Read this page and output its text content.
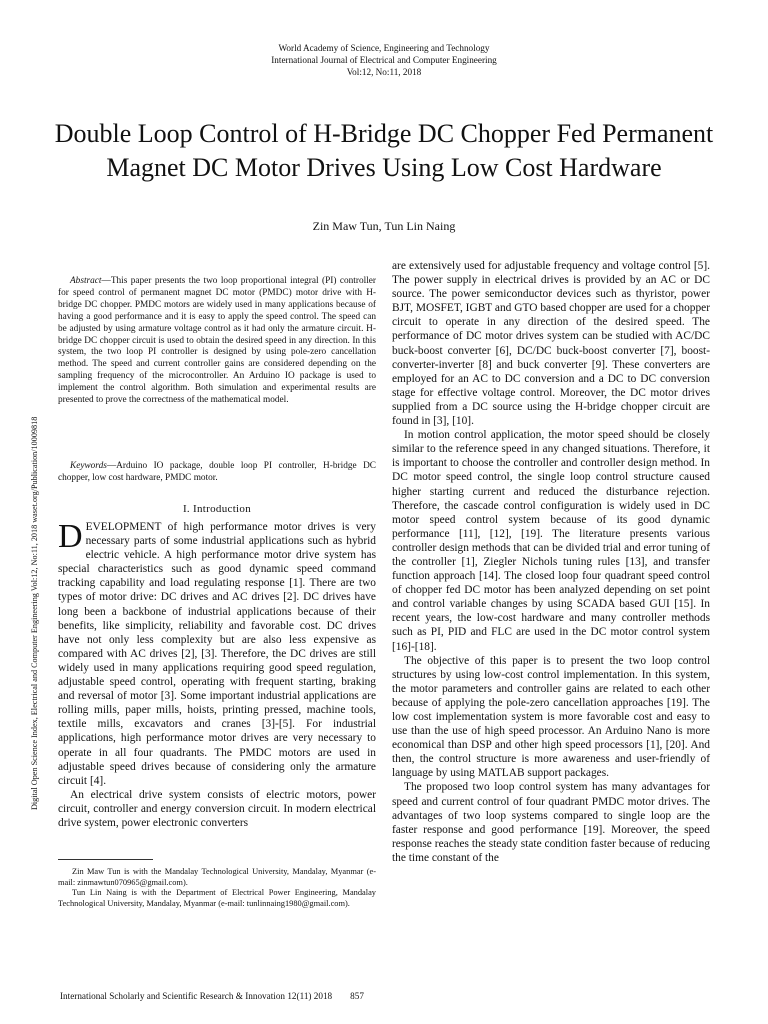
World Academy of Science, Engineering and Technology
International Journal of Electrical and Computer Engineering
Vol:12, No:11, 2018
Double Loop Control of H-Bridge DC Chopper Fed Permanent Magnet DC Motor Drives Using Low Cost Hardware
Zin Maw Tun, Tun Lin Naing
Digital Open Science Index, Electrical and Computer Engineering Vol:12, No:11, 2018 waset.org/Publication/10009818

Abstract—This paper presents the two loop proportional integral (PI) controller for speed control of permanent magnet DC motor (PMDC) motor drive with H-bridge DC chopper. PMDC motors are widely used in many applications because of having a good performance and it is easy to apply the speed control. The speed can be adjusted by using armature voltage control as it had only the armature circuit. H-bridge DC chopper circuit is used to obtain the desired speed in any direction. In this system, the two loop PI controller is designed by using pole-zero cancellation method. The speed and current controller gains are considered depending on the sampling frequency of the microcontroller. An Arduino IO package is used to implement the control algorithm. Both simulation and experimental results are presented to prove the correctness of the mathematical model.

Keywords—Arduino IO package, double loop PI controller, H-bridge DC chopper, low cost hardware, PMDC motor.

I. Introduction

DEVELOPMENT of high performance motor drives is very necessary parts of some industrial applications such as hybrid electric vehicle. A high performance motor drive system has special characteristics such as good dynamic speed command tracking capability and load regulating response [1]. There are two types of motor drive: DC drives and AC drives [2]. DC drives have long been a backbone of industrial applications because of their benefits, like simplicity, reliability and favorable cost. DC drives have not only less complexity but are also less expensive as compared with AC drives [2], [3]. Therefore, the DC drives are still widely used in many applications requiring good speed regulation, adjustable speed control, operating with frequent starting, braking and reversal of motor [3]. Some important industrial applications are rolling mills, paper mills, hoists, printing pressed, machine tools, textile mills, excavators and cranes [3]-[5]. For industrial applications, high performance motor drives are very necessary to operate in all four quadrants. The PMDC motors are used in adjustable speed drives because of considering only the armature circuit [4].

An electrical drive system consists of electric motors, power circuit, controller and energy conversion circuit. In modern electrical drive system, power electronic converters

Zin Maw Tun is with the Mandalay Technological University, Mandalay, Myanmar (e-mail: zinmawtun070965@gmail.com).

Tun Lin Naing is with the Department of Electrical Power Engineering, Mandalay Technological University, Mandalay, Myanmar (e-mail: tunlinnaing1980@gmail.com).

are extensively used for adjustable frequency and voltage control [5]. The power supply in electrical drives is provided by an AC or DC source. The power semiconductor devices such as thyristor, power BJT, MOSFET, IGBT and GTO based chopper are used for a chopper circuit to operate in any direction of the desired speed. The performance of DC motor drives system can be studied with AC/DC buck-boost converter [6], DC/DC buck-boost converter [7], boost-converter-inverter [8] and buck converter [9]. These converters are employed for an AC to DC conversion and a DC to DC conversion stage for effective voltage control. Moreover, the DC motor drives supplied from a DC source using the H-bridge chopper circuit are found in [3], [10].

In motion control application, the motor speed should be closely similar to the reference speed in any changed situations. Therefore, it is important to choose the controller and controller design method. In DC motor speed control, the single loop control structure caused higher starting current and reduced the disturbance rejection. Therefore, the cascade control configuration is widely used in DC motor speed control system because of its good dynamic performance [11], [12], [19]. The literature presents various controller design methods that can be divided trial and error tuning of the controller [1], Ziegler Nichols tuning rules [13], and transfer function approach [14]. The closed loop four quadrant speed control of chopper fed DC motor has been analyzed depending on set point and control variable changes by using SCADA based GUI [15]. In recent years, the low-cost hardware and many controller methods such as PI, PID and FLC are used in the DC motor control system [16]-[18].

The objective of this paper is to present the two loop control structures by using low-cost control implementation. In this system, the motor parameters and controller gains are related to each other because of applying the pole-zero cancellation approaches [19]. The low cost implementation system is more favorable cost and easy to use than the use of high speed processor. An Arduino Nano is more economical than DSP and other high speed processors [1], [20]. And then, the control structure is more awareness and user-friendly of language by using MATLAB support packages.

The proposed two loop control system has many advantages for speed and current control of four quadrant PMDC motor drives. The advantages of two loop systems compared to single loop are the faster response and good performance [19]. Moreover, the speed response reaches the steady state condition faster because of reducing the time constant of the

International Scholarly and Scientific Research & Innovation 12(11) 2018 857
